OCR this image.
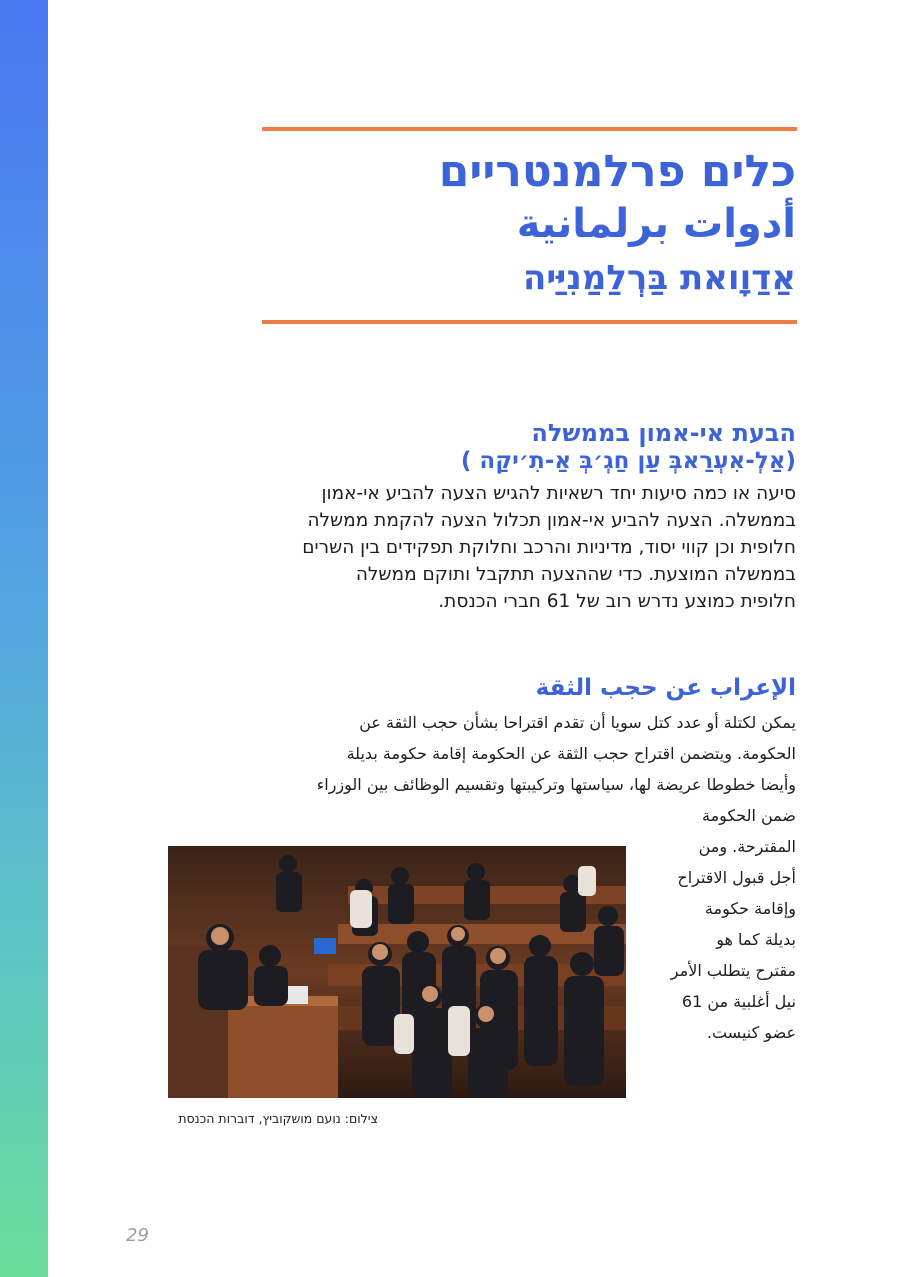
כלים פרלמנטריים
أدوات برلمانية
אַדַוָואת בַּרְלַמַנִיַּיה
הבעת אי-אמון בממשלה
(אַלְ-אִעְרַאבְּ עַן חַגְ׳בְּ אַ-תִ׳יקַה )

סיעה או כמה סיעות יחד רשאיות להגיש הצעה להביע אי-אמון בממשלה. הצעה להביע אי-אמון תכלול הצעה להקמת ממשלה חלופית וכן קווי יסוד, מדיניות והרכב וחלוקת תפקידים בין השרים בממשלה המוצעת. כדי שההצעה תתקבל ותוקם ממשלה חלופית כמוצע נדרש רוב של 61 חברי הכנסת.

الإعراب عن حجب الثقة
يمكن لكتلة أو عدد كتل سويا أن تقدم اقتراحا بشأن حجب الثقة عن
الحكومة. ويتضمن اقتراح حجب الثقة عن الحكومة إقامة حكومة بديلة
وأيضا خطوطا عريضة لها، سياستها وتركيبتها وتقسيم الوظائف بين الوزراء
ضمن الحكومة
المقترحة. ومن
أجل قبول الاقتراح
وإقامة حكومة
بديلة كما هو
مقترح يتطلب الأمر
نيل أغلبية من 61
عضو كنيست.
צילום: נועם מושקוביץ, דוברות הכנסת
29
